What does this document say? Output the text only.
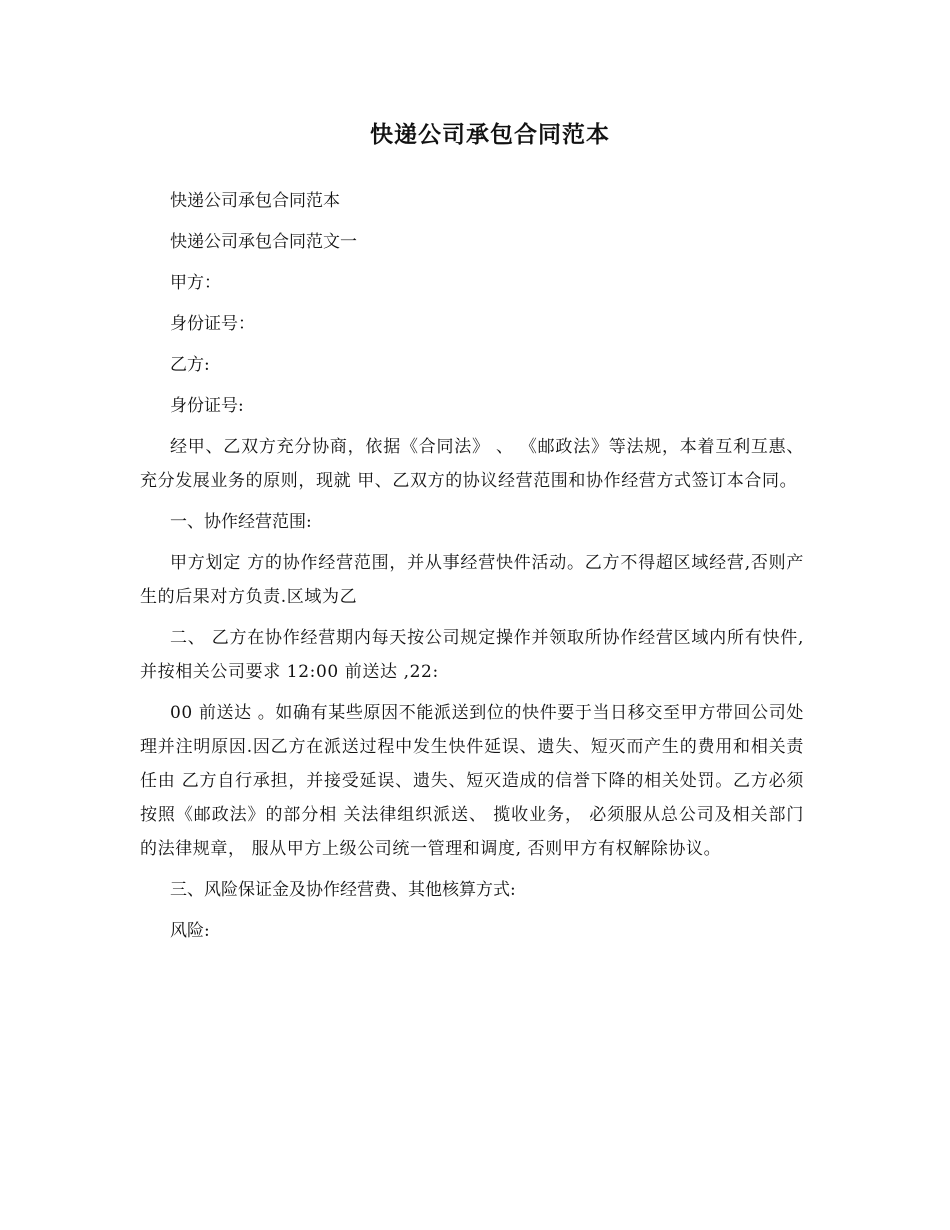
快递公司承包合同范本

快递公司承包合同范本

快递公司承包合同范文一

甲方：

身份证号：

乙方:

身份证号:

经甲、乙双方充分协商，依据《合同法》 、 《邮政法》等法规，本着互利互惠、充分发展业务的原则，现就 甲、乙双方的协议经营范围和协作经营方式签订本合同。

一、协作经营范围:

甲方划定 方的协作经营范围，并从事经营快件活动。乙方不得超区域经营,否则产生的后果对方负责.区域为乙

二、 乙方在协作经营期内每天按公司规定操作并领取所协作经营区域内所有快件, 并按相关公司要求 12:00 前送达 ,22:

00 前送达 。如确有某些原因不能派送到位的快件要于当日移交至甲方带回公司处理并注明原因.因乙方在派送过程中发生快件延误、遗失、短灭而产生的费用和相关责任由 乙方自行承担，并接受延误、遗失、短灭造成的信誉下降的相关处罚。乙方必须按照《邮政法》的部分相 关法律组织派送、 揽收业务， 必须服从总公司及相关部门的法律规章， 服从甲方上级公司统一管理和调度, 否则甲方有权解除协议。

三、风险保证金及协作经营费、其他核算方式:

风险:
